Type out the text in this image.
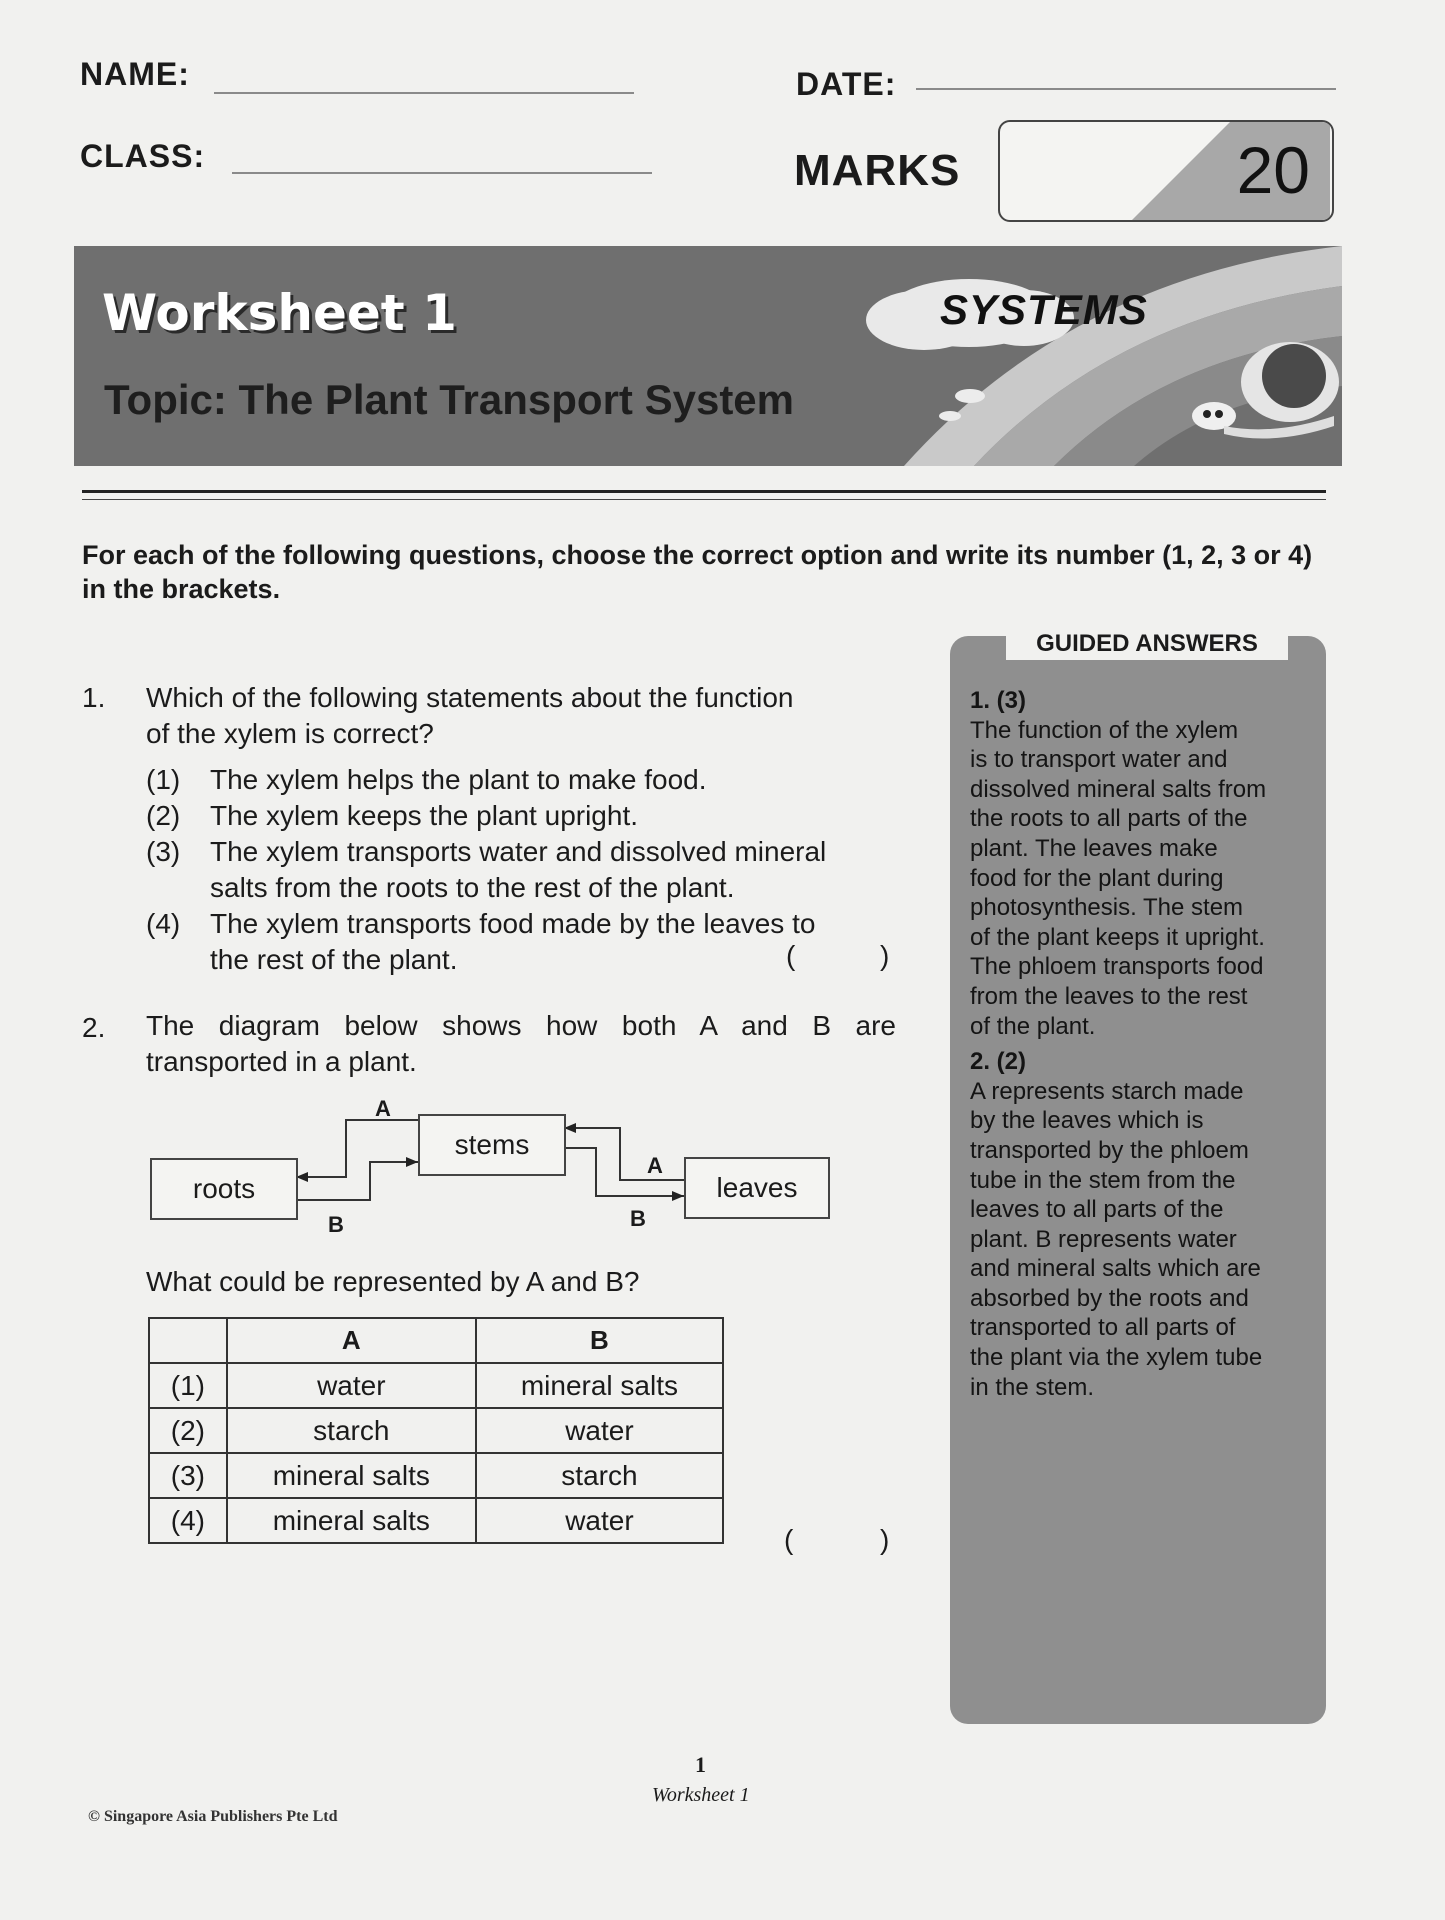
NAME:	DATE:
CLASS:	MARKS	20
Worksheet 1
Topic: The Plant Transport System
SYSTEMS
For each of the following questions, choose the correct option and write its number (1, 2, 3 or 4) in the brackets.
1. Which of the following statements about the function
of the xylem is correct?
(1)	The xylem helps the plant to make food.
(2)	The xylem keeps the plant upright.
(3)	The xylem transports water and dissolved mineral
salts from the roots to the rest of the plant.
(4)	The xylem transports food made by the leaves to
the rest of the plant.	(	)
2. The diagram below shows how both A and B are
transported in a plant.
roots
stems
leaves
A
B
A
B
What could be represented by A and B?
	A	B
(1)	water	mineral salts
(2)	starch	water
(3)	mineral salts	starch
(4)	mineral salts	water
(	)
GUIDED ANSWERS
1. (3)
The function of the xylem
is to transport water and
dissolved mineral salts from
the roots to all parts of the
plant. The leaves make
food for the plant during
photosynthesis. The stem
of the plant keeps it upright.
The phloem transports food
from the leaves to the rest
of the plant.
2. (2)
A represents starch made
by the leaves which is
transported by the phloem
tube in the stem from the
leaves to all parts of the
plant. B represents water
and mineral salts which are
absorbed by the roots and
transported to all parts of
the plant via the xylem tube
in the stem.
1
Worksheet 1
© Singapore Asia Publishers Pte Ltd
